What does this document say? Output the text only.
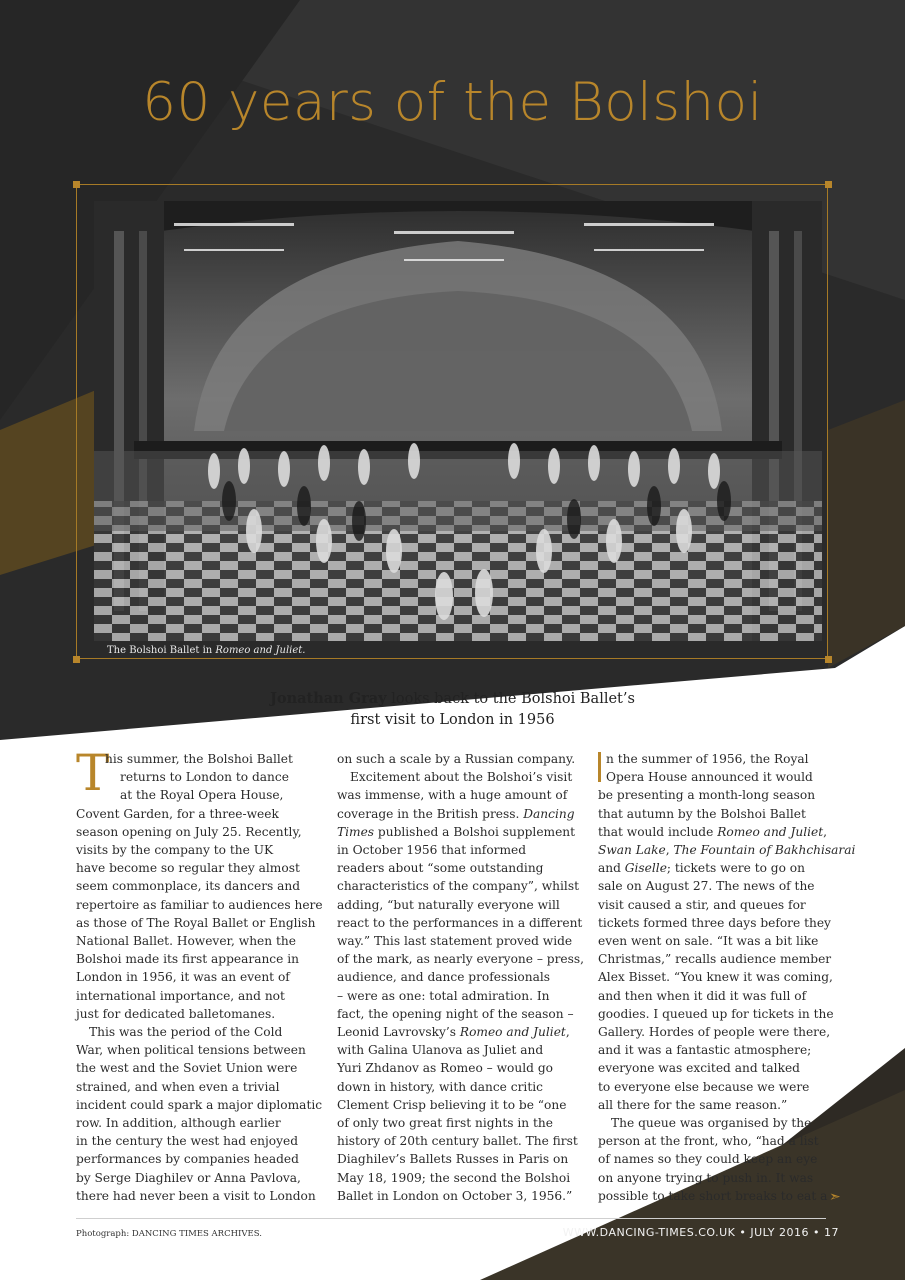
60 years of the Bolshoi
The Bolshoi Ballet in Romeo and Juliet.
Jonathan Gray looks back to the Bolshoi Ballet’s
first visit to London in 1956
T
his summer, the Bolshoi Ballet
returns to London to dance
at the Royal Opera House,
Covent Garden, for a three-week
season opening on July 25. Recently,
visits by the company to the UK
have become so regular they almost
seem commonplace, its dancers and
repertoire as familiar to audiences here
as those of The Royal Ballet or English
National Ballet. However, when the
Bolshoi made its first appearance in
London in 1956, it was an event of
international importance, and not
just for dedicated balletomanes.
This was the period of the Cold
War, when political tensions between
the west and the Soviet Union were
strained, and when even a trivial
incident could spark a major diplomatic
row. In addition, although earlier
in the century the west had enjoyed
performances by companies headed
by Serge Diaghilev or Anna Pavlova,
there had never been a visit to London
on such a scale by a Russian company.
Excitement about the Bolshoi’s visit
was immense, with a huge amount of
coverage in the British press. Dancing
Times published a Bolshoi supplement
in October 1956 that informed
readers about “some outstanding
characteristics of the company”, whilst
adding, “but naturally everyone will
react to the performances in a different
way.” This last statement proved wide
of the mark, as nearly everyone – press,
audience, and dance professionals
– were as one: total admiration. In
fact, the opening night of the season –
Leonid Lavrovsky’s Romeo and Juliet,
with Galina Ulanova as Juliet and
Yuri Zhdanov as Romeo – would go
down in history, with dance critic
Clement Crisp believing it to be “one
of only two great first nights in the
history of 20th century ballet. The first
Diaghilev’s Ballets Russes in Paris on
May 18, 1909; the second the Bolshoi
Ballet in London on October 3, 1956.”
n the summer of 1956, the Royal
Opera House announced it would
be presenting a month-long season
that autumn by the Bolshoi Ballet
that would include Romeo and Juliet,
Swan Lake, The Fountain of Bakhchisarai
and Giselle; tickets were to go on
sale on August 27. The news of the
visit caused a stir, and queues for
tickets formed three days before they
even went on sale. “It was a bit like
Christmas,” recalls audience member
Alex Bisset. “You knew it was coming,
and then when it did it was full of
goodies. I queued up for tickets in the
Gallery. Hordes of people were there,
and it was a fantastic atmosphere;
everyone was excited and talked
to everyone else because we were
all there for the same reason.”
The queue was organised by the
person at the front, who, “had a list
of names so they could keep an eye
on anyone trying to push in. It was
possible to take short breaks to eat a ➣
Photograph: DANCING TIMES ARCHIVES.	WWW.DANCING-TIMES.CO.UK • JULY 2016 • 17
